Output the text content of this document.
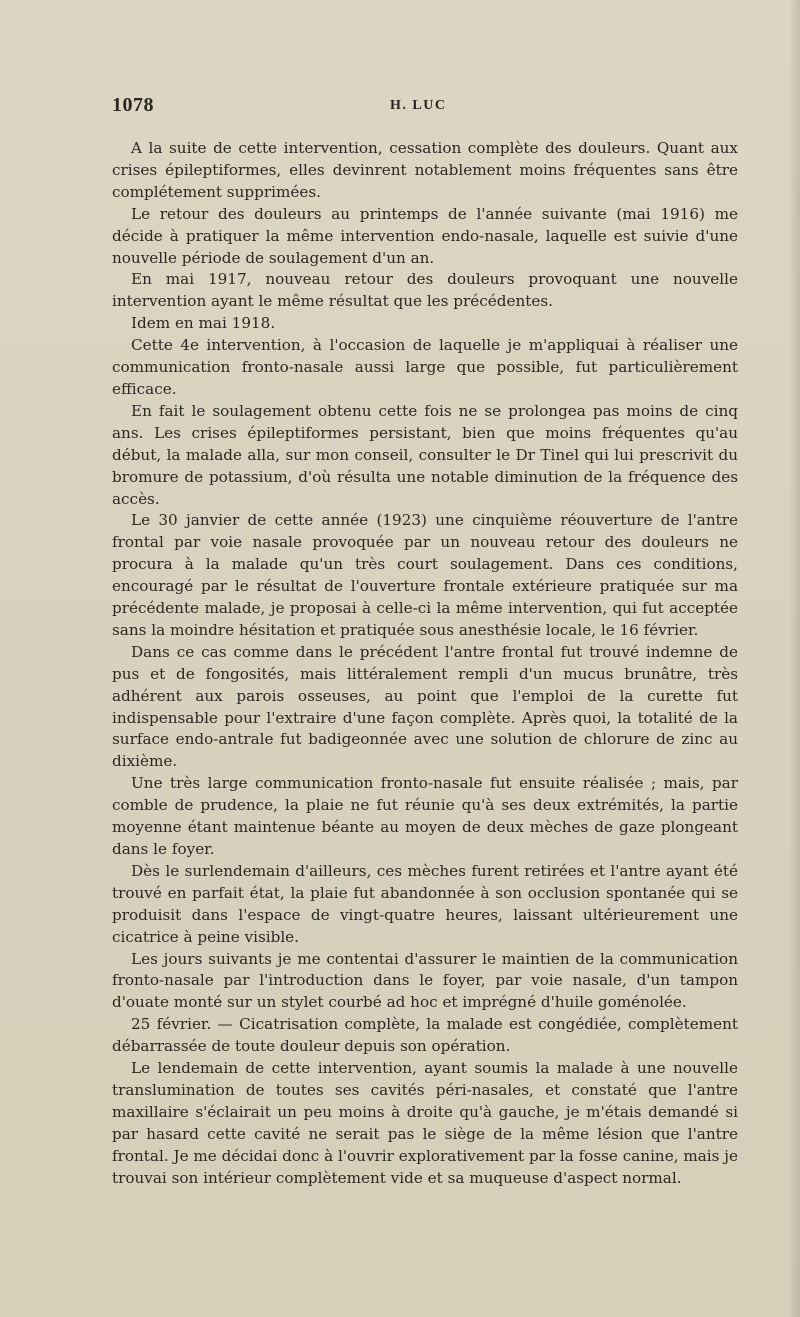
1078	H. LUC

A la suite de cette intervention, cessation complète des douleurs. Quant aux crises épileptiformes, elles devinrent notablement moins fréquentes sans être complétement supprimées.

Le retour des douleurs au printemps de l'année suivante (mai 1916) me décide à pratiquer la même intervention endo-nasale, laquelle est suivie d'une nouvelle période de soulagement d'un an.

En mai 1917, nouveau retour des douleurs provoquant une nouvelle intervention ayant le même résultat que les précédentes.

Idem en mai 1918.

Cette 4e intervention, à l'occasion de laquelle je m'appliquai à réaliser une communication fronto-nasale aussi large que possible, fut particulièrement efficace.

En fait le soulagement obtenu cette fois ne se prolongea pas moins de cinq ans. Les crises épileptiformes persistant, bien que moins fréquentes qu'au début, la malade alla, sur mon conseil, consulter le Dr Tinel qui lui prescrivit du bromure de potassium, d'où résulta une notable diminution de la fréquence des accès.

Le 30 janvier de cette année (1923) une cinquième réouverture de l'antre frontal par voie nasale provoquée par un nouveau retour des douleurs ne procura à la malade qu'un très court soulagement. Dans ces conditions, encouragé par le résultat de l'ouverture frontale extérieure pratiquée sur ma précédente malade, je proposai à celle-ci la même intervention, qui fut acceptée sans la moindre hésitation et pratiquée sous anesthésie locale, le 16 février.

Dans ce cas comme dans le précédent l'antre frontal fut trouvé indemne de pus et de fongosités, mais littéralement rempli d'un mucus brunâtre, très adhérent aux parois osseuses, au point que l'emploi de la curette fut indispensable pour l'extraire d'une façon complète. Après quoi, la totalité de la surface endo-antrale fut badigeonnée avec une solution de chlorure de zinc au dixième.

Une très large communication fronto-nasale fut ensuite réalisée ; mais, par comble de prudence, la plaie ne fut réunie qu'à ses deux extrémités, la partie moyenne étant maintenue béante au moyen de deux mèches de gaze plongeant dans le foyer.

Dès le surlendemain d'ailleurs, ces mèches furent retirées et l'antre ayant été trouvé en parfait état, la plaie fut abandonnée à son occlusion spontanée qui se produisit dans l'espace de vingt-quatre heures, laissant ultérieurement une cicatrice à peine visible.

Les jours suivants je me contentai d'assurer le maintien de la communication fronto-nasale par l'introduction dans le foyer, par voie nasale, d'un tampon d'ouate monté sur un stylet courbé ad hoc et imprégné d'huile goménolée.

25 février. — Cicatrisation complète, la malade est congédiée, complètement débarrassée de toute douleur depuis son opération.

Le lendemain de cette intervention, ayant soumis la malade à une nouvelle translumination de toutes ses cavités péri-nasales, et constaté que l'antre maxillaire s'éclairait un peu moins à droite qu'à gauche, je m'étais demandé si par hasard cette cavité ne serait pas le siège de la même lésion que l'antre frontal. Je me décidai donc à l'ouvrir explorativement par la fosse canine, mais je trouvai son intérieur complètement vide et sa muqueuse d'aspect normal.
